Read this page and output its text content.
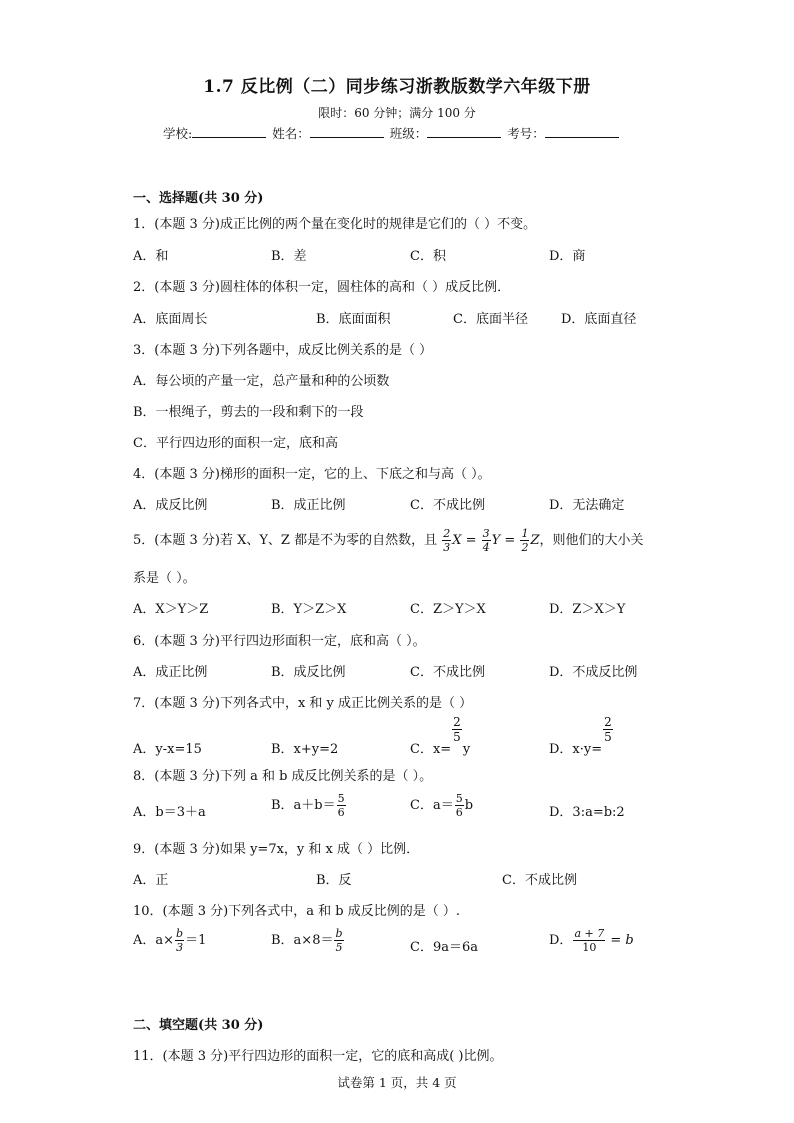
1.7 反比例（二）同步练习浙教版数学六年级下册
限时：60 分钟；满分 100 分
学校:	姓名：	班级：	考号：
一、选择题(共 30 分)
1．(本题 3 分)成正比例的两个量在变化时的规律是它们的（ ）不变。
A．和	B．差	C．积	D．商
2．(本题 3 分)圆柱体的体积一定，圆柱体的高和（ ）成反比例．
A．底面周长	B．底面面积	C．底面半径	D．底面直径
3．(本题 3 分)下列各题中，成反比例关系的是（ ）
A．每公顷的产量一定，总产量和种的公顷数
B．一根绳子，剪去的一段和剩下的一段
C．平行四边形的面积一定，底和高
4．(本题 3 分)梯形的面积一定，它的上、下底之和与高（ ）。
A．成反比例	B．成正比例	C．不成比例	D．无法确定
5．(本题 3 分)若 X、Y、Z 都是不为零的自然数，且 $\frac{2}{3}$ $X = \frac{3}{4}$ $Y = \frac{1}{2}$ Z，则他们的大小关
系是（ ）。
A．X＞Y＞Z	B．Y＞Z＞X	C．Z＞Y＞X	D．Z＞X＞Y
6．(本题 3 分)平行四边形面积一定，底和高（ ）。
A．成正比例	B．成反比例	C．不成比例	D．不成反比例
7．(本题 3 分)下列各式中，x 和 y 成正比例关系的是（ ）
A．y-x=15	B．x+y=2	C．x=
$\frac{2}{5}$
y	D．x·y=
$\frac{2}{5}$
8．(本题 3 分)下列 a 和 b 成反比例关系的是（ ）。
A．b＝3＋a	B．$a+b= \frac{5}{6}$	C．$a= \frac{5}{6}$ b	D．3:a=b:2
9．(本题 3 分)如果 y=7x，y 和 x 成（ ）比例．
A．正	B．反	C．不成比例
10．(本题 3 分)下列各式中，a 和 b 成反比例的是（ ）.
A．$a\times \frac{b}{3} =1$	B．$a\times 8= \frac{b}{5}$	C．9a＝6a	D． $\frac{a + 7}{10} = b$
二、填空题(共 30 分)
11．(本题 3 分)平行四边形的面积一定，它的底和高成( )比例。
试卷第 1 页，共 4 页
